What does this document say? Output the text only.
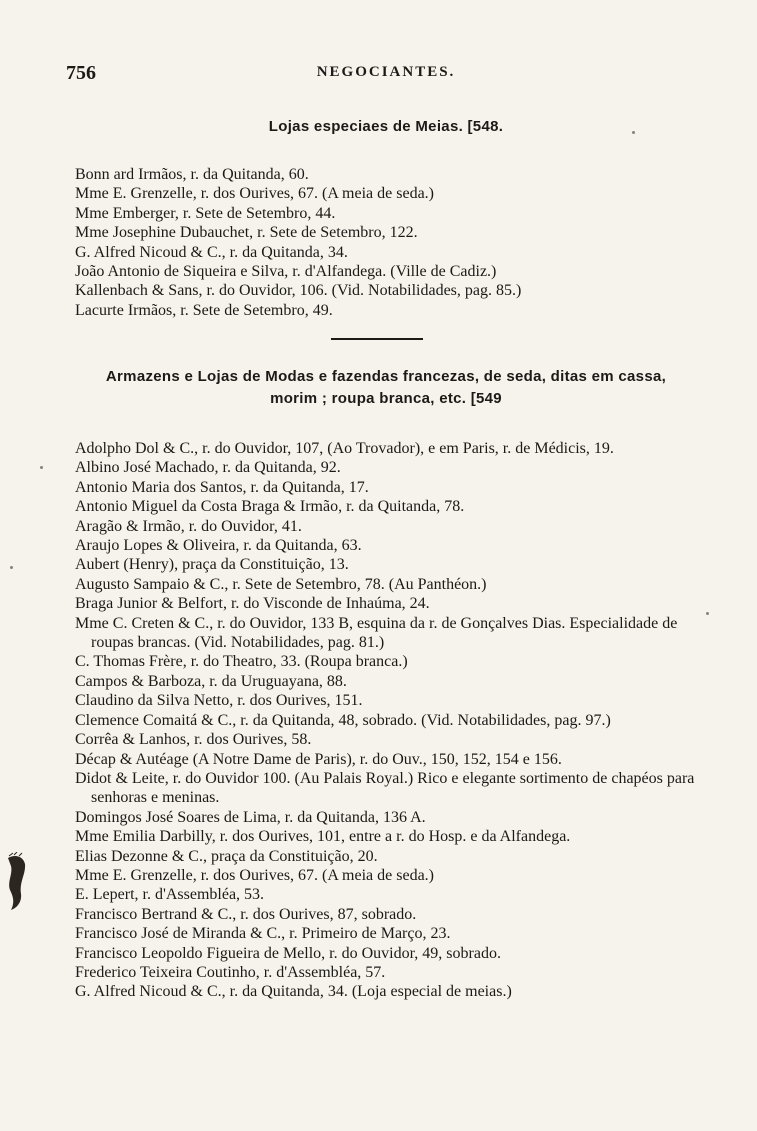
756	NEGOCIANTES.
Lojas especiaes de Meias. [548.
Bonn ard Irmãos, r. da Quitanda, 60.
Mme E. Grenzelle, r. dos Ourives, 67. (A meia de seda.)
Mme Emberger, r. Sete de Setembro, 44.
Mme Josephine Dubauchet, r. Sete de Setembro, 122.
G. Alfred Nicoud & C., r. da Quitanda, 34.
João Antonio de Siqueira e Silva, r. d'Alfandega. (Ville de Cadiz.)
Kallenbach & Sans, r. do Ouvidor, 106. (Vid. Notabilidades, pag. 85.)
Lacurte Irmãos, r. Sete de Setembro, 49.
Armazens e Lojas de Modas e fazendas francezas, de seda, ditas em cassa,
morim ; roupa branca, etc. [549
Adolpho Dol & C., r. do Ouvidor, 107, (Ao Trovador), e em Paris, r. de Médicis, 19.
Albino José Machado, r. da Quitanda, 92.
Antonio Maria dos Santos, r. da Quitanda, 17.
Antonio Miguel da Costa Braga & Irmão, r. da Quitanda, 78.
Aragão & Irmão, r. do Ouvidor, 41.
Araujo Lopes & Oliveira, r. da Quitanda, 63.
Aubert (Henry), praça da Constituição, 13.
Augusto Sampaio & C., r. Sete de Setembro, 78. (Au Panthéon.)
Braga Junior & Belfort, r. do Visconde de Inhaúma, 24.
Mme C. Creten & C., r. do Ouvidor, 133 B, esquina da r. de Gonçalves Dias. Especialidade de roupas brancas. (Vid. Notabilidades, pag. 81.)
C. Thomas Frère, r. do Theatro, 33. (Roupa branca.)
Campos & Barboza, r. da Uruguayana, 88.
Claudino da Silva Netto, r. dos Ourives, 151.
Clemence Comaitá & C., r. da Quitanda, 48, sobrado. (Vid. Notabilidades, pag. 97.)
Corrêa & Lanhos, r. dos Ourives, 58.
Décap & Autéage (A Notre Dame de Paris), r. do Ouv., 150, 152, 154 e 156.
Didot & Leite, r. do Ouvidor 100. (Au Palais Royal.) Rico e elegante sortimento de chapéos para senhoras e meninas.
Domingos José Soares de Lima, r. da Quitanda, 136 A.
Mme Emilia Darbilly, r. dos Ourives, 101, entre a r. do Hosp. e da Alfandega.
Elias Dezonne & C., praça da Constituição, 20.
Mme E. Grenzelle, r. dos Ourives, 67. (A meia de seda.)
E. Lepert, r. d'Assembléa, 53.
Francisco Bertrand & C., r. dos Ourives, 87, sobrado.
Francisco José de Miranda & C., r. Primeiro de Março, 23.
Francisco Leopoldo Figueira de Mello, r. do Ouvidor, 49, sobrado.
Frederico Teixeira Coutinho, r. d'Assembléa, 57.
G. Alfred Nicoud & C., r. da Quitanda, 34. (Loja especial de meias.)
